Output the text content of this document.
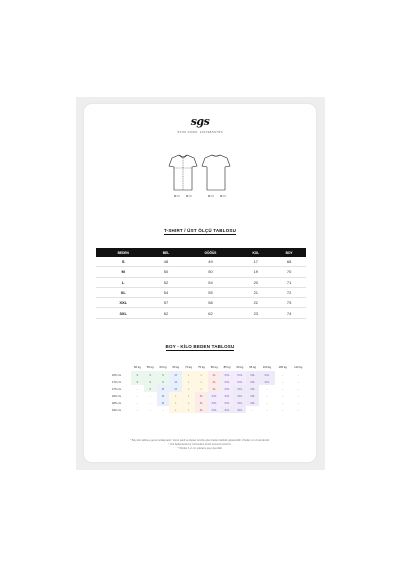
sgs
STOK KODU: 234798SS7SS
T-SHIRT / ÜST ÖLÇÜ TABLOSU
BEDEN	BEL	GÖĞÜS	KOL	BOY
S	48	49	17	68
M	50	50	19	70
L	52	54	20	71
XL	54	55	21	72
XXL	57	58	22	73
3XL	62	62	23	74
BOY - KİLO BEDEN TABLOSU
	50 kg	55 kg	60 kg	65 kg	70 kg	75 kg	80 kg	85 kg	90 kg	95 kg	100 kg	105 kg	110 kg
165 cm	S	S	S	M	L	L	XL	XXL	XXL	3XL	3XL	–	–
170 cm	S	S	S	M	L	L	XL	XXL	XXL	3XL	3XL	–	–
175 cm	–	S	M	M	L	L	XL	XXL	3XL	3XL	–	–	–
180 cm	–	–	M	L	L	XL	XXL	XXL	3XL	3XL	–	–	–
185 cm	–	–	M	L	L	XL	XXL	XXL	3XL	3XL	–	–	–
190 cm	–	–	–	L	L	XL	XXL	3XL	3XL	–	–	–	–
* Boy-kilo tablosu genel ortalamadır. Vücut şekli ve kişisel tercihe göre beden farklılık gösterebilir. Ölçüler cm cinsindendir.
* Ara bedenlerde bir üst bedeni tercih etmenizi öneririz.
* Ölçüler 1-2 cm tolerans payı içerebilir.
